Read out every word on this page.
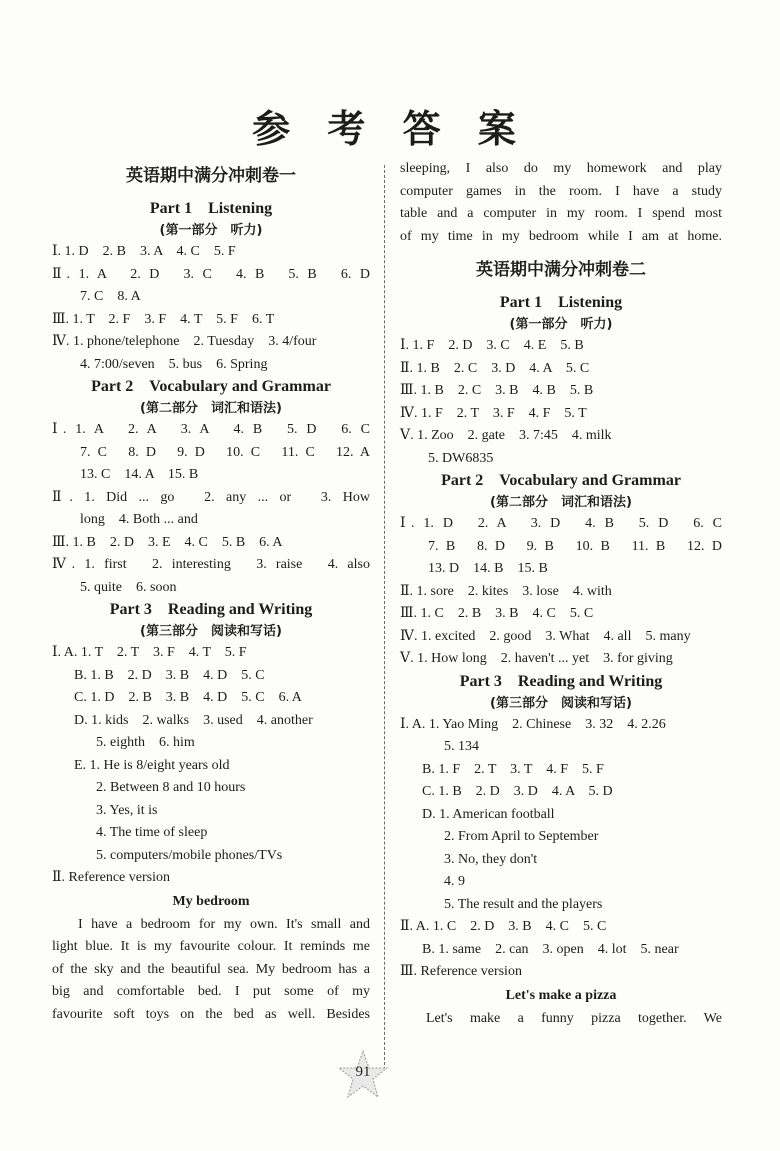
参 考 答 案
英语期中满分冲刺卷一
Part 1　Listening
(第一部分　听力)
Ⅰ. 1. D　2. B　3. A　4. C　5. F
Ⅱ. 1. A　2. D　3. C　4. B　5. B　6. D
7. C　8. A
Ⅲ. 1. T　2. F　3. F　4. T　5. F　6. T
Ⅳ. 1. phone/telephone　2. Tuesday　3. 4/four
4. 7:00/seven　5. bus　6. Spring
Part 2　Vocabulary and Grammar
(第二部分　词汇和语法)
Ⅰ. 1. A　2. A　3. A　4. B　5. D　6. C
7. C　8. D　9. D　10. C　11. C　12. A
13. C　14. A　15. B
Ⅱ. 1. Did ... go　2. any ... or　3. How
long　4. Both ... and
Ⅲ. 1. B　2. D　3. E　4. C　5. B　6. A
Ⅳ. 1. first　2. interesting　3. raise　4. also
5. quite　6. soon
Part 3　Reading and Writing
(第三部分　阅读和写话)
Ⅰ. A. 1. T　2. T　3. F　4. T　5. F
B. 1. B　2. D　3. B　4. D　5. C
C. 1. D　2. B　3. B　4. D　5. C　6. A
D. 1. kids　2. walks　3. used　4. another
5. eighth　6. him
E. 1. He is 8/eight years old
2. Between 8 and 10 hours
3. Yes, it is
4. The time of sleep
5. computers/mobile phones/TVs
Ⅱ. Reference version
My bedroom
I have a bedroom for my own. It's small and
light blue. It is my favourite colour. It reminds me
of the sky and the beautiful sea. My bedroom has a
big and comfortable bed. I put some of my
favourite soft toys on the bed as well. Besides
sleeping, I also do my homework and play
computer games in the room. I have a study
table and a computer in my room. I spend most
of my time in my bedroom while I am at home.
英语期中满分冲刺卷二
Part 1　Listening
(第一部分　听力)
Ⅰ. 1. F　2. D　3. C　4. E　5. B
Ⅱ. 1. B　2. C　3. D　4. A　5. C
Ⅲ. 1. B　2. C　3. B　4. B　5. B
Ⅳ. 1. F　2. T　3. F　4. F　5. T
Ⅴ. 1. Zoo　2. gate　3. 7:45　4. milk
5. DW6835
Part 2　Vocabulary and Grammar
(第二部分　词汇和语法)
Ⅰ. 1. D　2. A　3. D　4. B　5. D　6. C
7. B　8. D　9. B　10. B　11. B　12. D
13. D　14. B　15. B
Ⅱ. 1. sore　2. kites　3. lose　4. with
Ⅲ. 1. C　2. B　3. B　4. C　5. C
Ⅳ. 1. excited　2. good　3. What　4. all　5. many
Ⅴ. 1. How long　2. haven't ... yet　3. for giving
Part 3　Reading and Writing
(第三部分　阅读和写话)
Ⅰ. A. 1. Yao Ming　2. Chinese　3. 32　4. 2.26
5. 134
B. 1. F　2. T　3. T　4. F　5. F
C. 1. B　2. D　3. D　4. A　5. D
D. 1. American football
2. From April to September
3. No, they don't
4. 9
5. The result and the players
Ⅱ. A. 1. C　2. D　3. B　4. C　5. C
B. 1. same　2. can　3. open　4. lot　5. near
Ⅲ. Reference version
Let's make a pizza
Let's make a funny pizza together. We
91
